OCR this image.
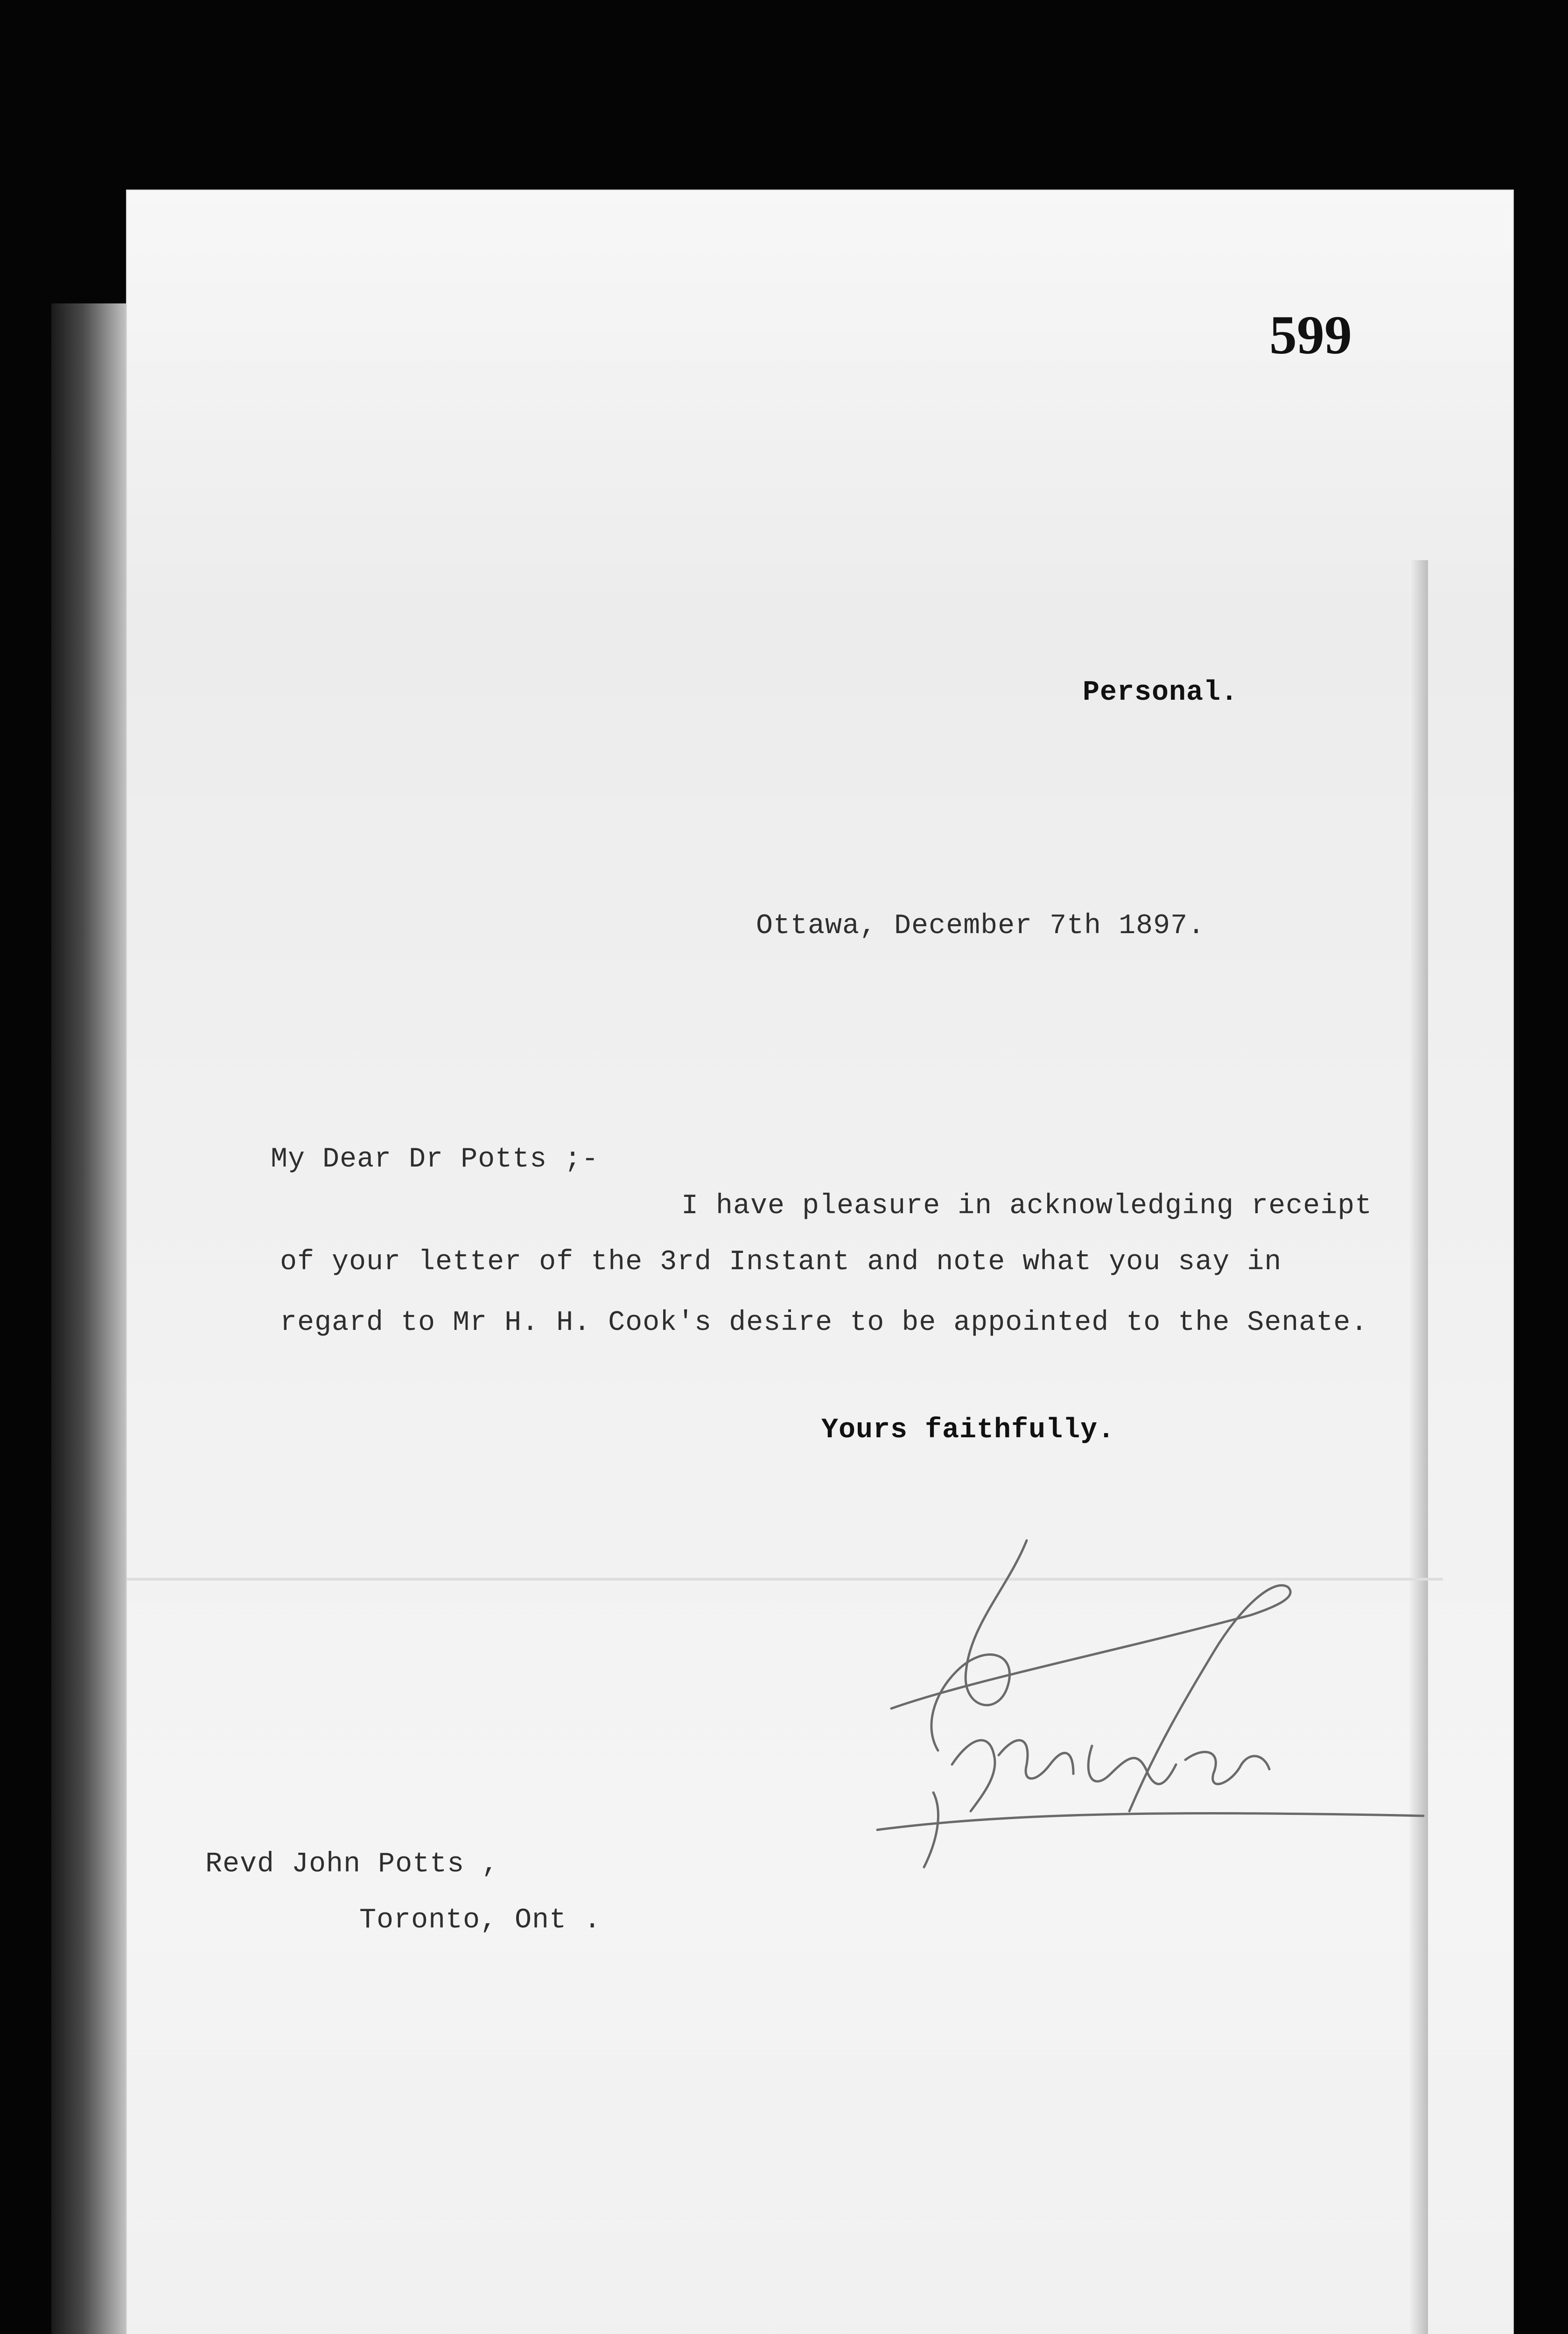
599
Personal.
Ottawa, December 7th 1897.
My Dear Dr Potts ;-
I have pleasure in acknowledging receipt
of your letter of the 3rd Instant and note what you say in
regard to Mr H. H. Cook's desire to be appointed to the Senate.
Yours faithfully.
Revd John Potts ,
Toronto, Ont .
